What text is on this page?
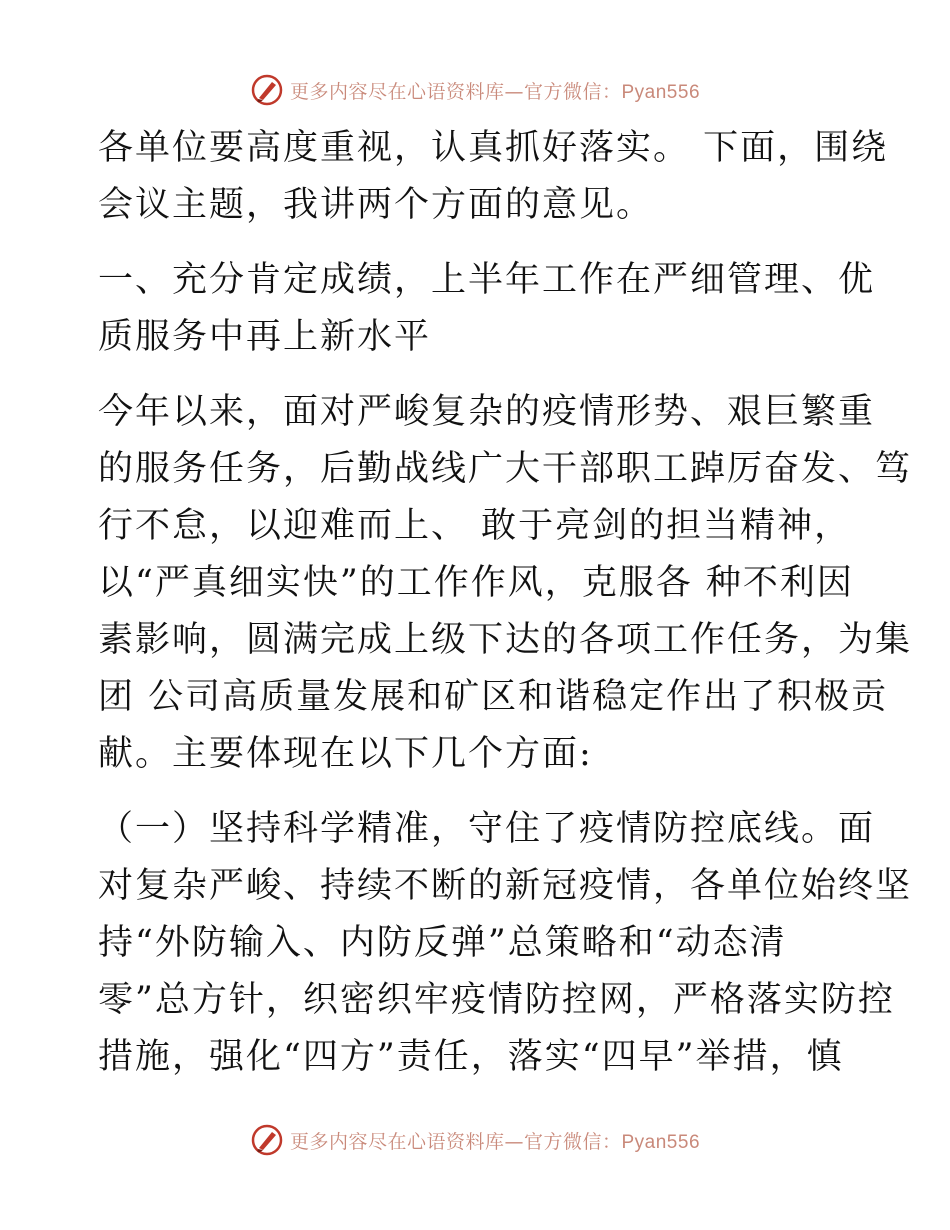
更多内容尽在心语资料库—官方微信：Pyan556
各单位要高度重视，认真抓好落实。 下面，围绕
会议主题，我讲两个方面的意见。
一、充分肯定成绩，上半年工作在严细管理、优
质服务中再上新水平
今年以来，面对严峻复杂的疫情形势、艰巨繁重
的服务任务，后勤战线广大干部职工踔厉奋发、笃
行不怠，以迎难而上、 敢于亮剑的担当精神，
以“严真细实快”的工作作风，克服各 种不利因
素影响，圆满完成上级下达的各项工作任务，为集
团 公司高质量发展和矿区和谐稳定作出了积极贡
献。主要体现在以下几个方面:
（一）坚持科学精准，守住了疫情防控底线。面
对复杂严峻、持续不断的新冠疫情，各单位始终坚
持“外防输入、内防反弹”总策略和“动态清
零”总方针，织密织牢疫情防控网，严格落实防控
措施，强化“四方”责任，落实“四早”举措，慎
更多内容尽在心语资料库—官方微信：Pyan556
